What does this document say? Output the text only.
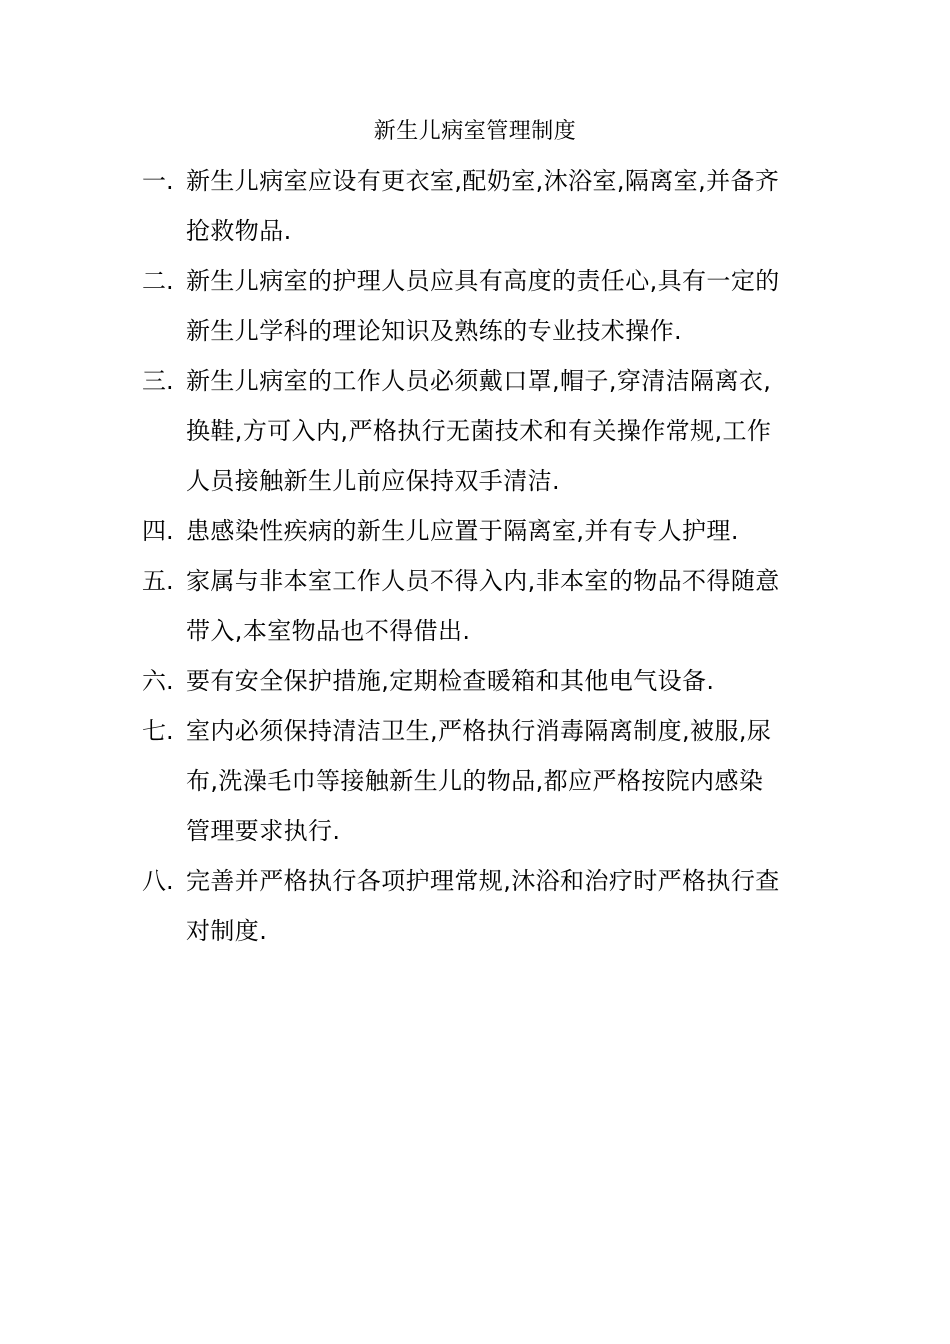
新生儿病室管理制度
一. 新生儿病室应设有更衣室,配奶室,沐浴室,隔离室,并备齐
抢救物品.
二. 新生儿病室的护理人员应具有高度的责任心,具有一定的
新生儿学科的理论知识及熟练的专业技术操作.
三. 新生儿病室的工作人员必须戴口罩,帽子,穿清洁隔离衣,
换鞋,方可入内,严格执行无菌技术和有关操作常规,工作
人员接触新生儿前应保持双手清洁.
四. 患感染性疾病的新生儿应置于隔离室,并有专人护理.
五. 家属与非本室工作人员不得入内,非本室的物品不得随意
带入,本室物品也不得借出.
六. 要有安全保护措施,定期检查暖箱和其他电气设备.
七. 室内必须保持清洁卫生,严格执行消毒隔离制度,被服,尿
布,洗澡毛巾等接触新生儿的物品,都应严格按院内感染
管理要求执行.
八. 完善并严格执行各项护理常规,沐浴和治疗时严格执行查
对制度.
